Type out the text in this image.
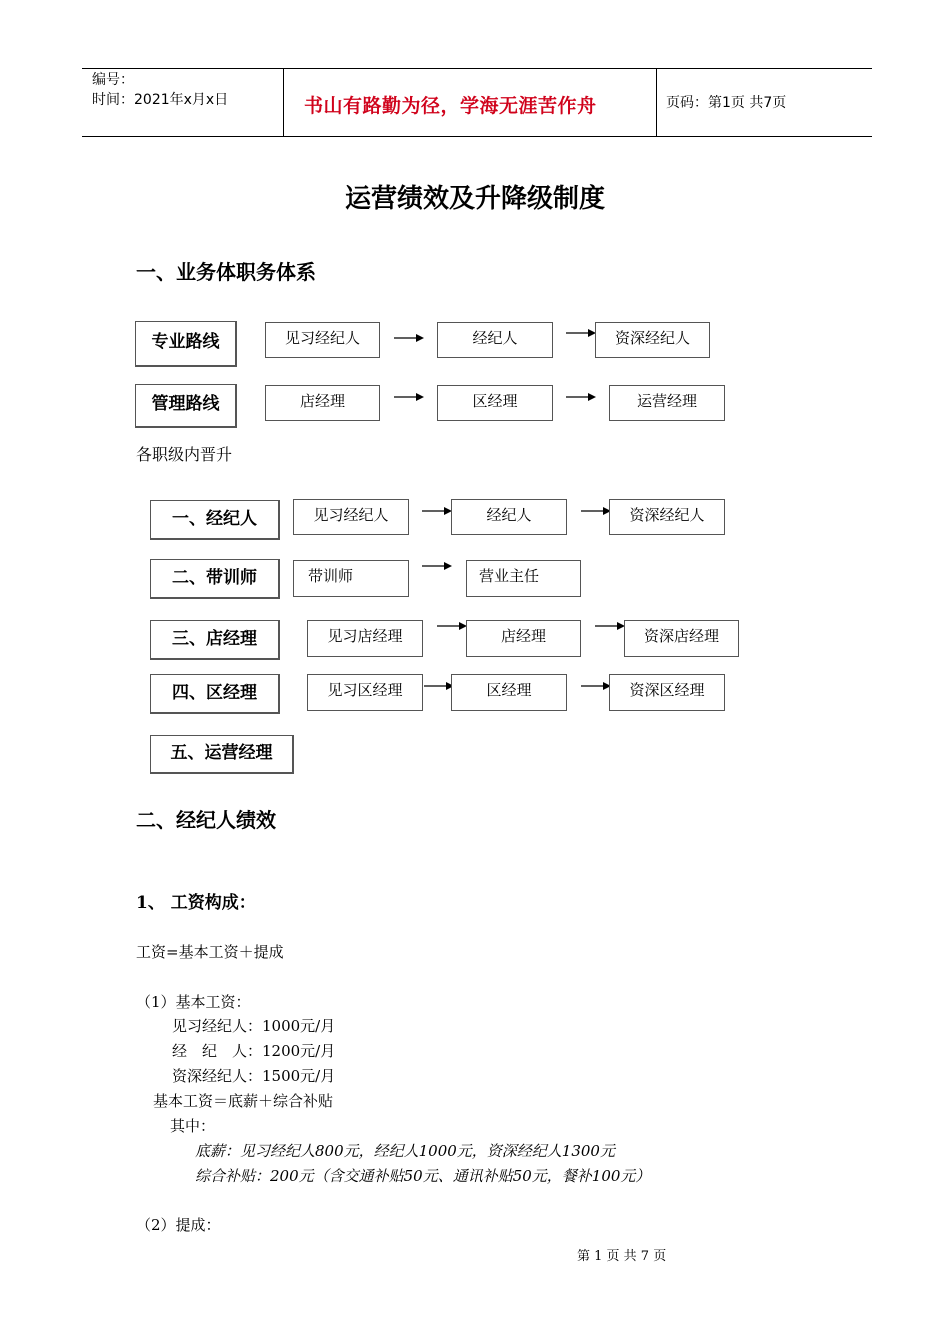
编号：
时间：2021年x月x日	书山有路勤为径，学海无涯苦作舟	页码：第1页 共7页
运营绩效及升降级制度
一、业务体职务体系
专业路线	见习经纪人	经纪人	资深经纪人
管理路线	店经理	区经理	运营经理
各职级内晋升
一、经纪人	见习经纪人	经纪人	资深经纪人
二、带训师	带训师	营业主任
三、店经理	见习店经理	店经理	资深店经理
四、区经理	见习区经理	区经理	资深区经理
五、运营经理
二、经纪人绩效
1、 工资构成：
工资=基本工资＋提成
（1）基本工资：
见习经纪人：1000元/月
经　纪　人：1200元/月
资深经纪人：1500元/月
基本工资＝底薪＋综合补贴
其中：
底薪：见习经纪人800元，经纪人1000元，资深经纪人1300元
综合补贴：200元（含交通补贴50元、通讯补贴50元，餐补100元）
（2）提成：
第 1 页 共 7 页
